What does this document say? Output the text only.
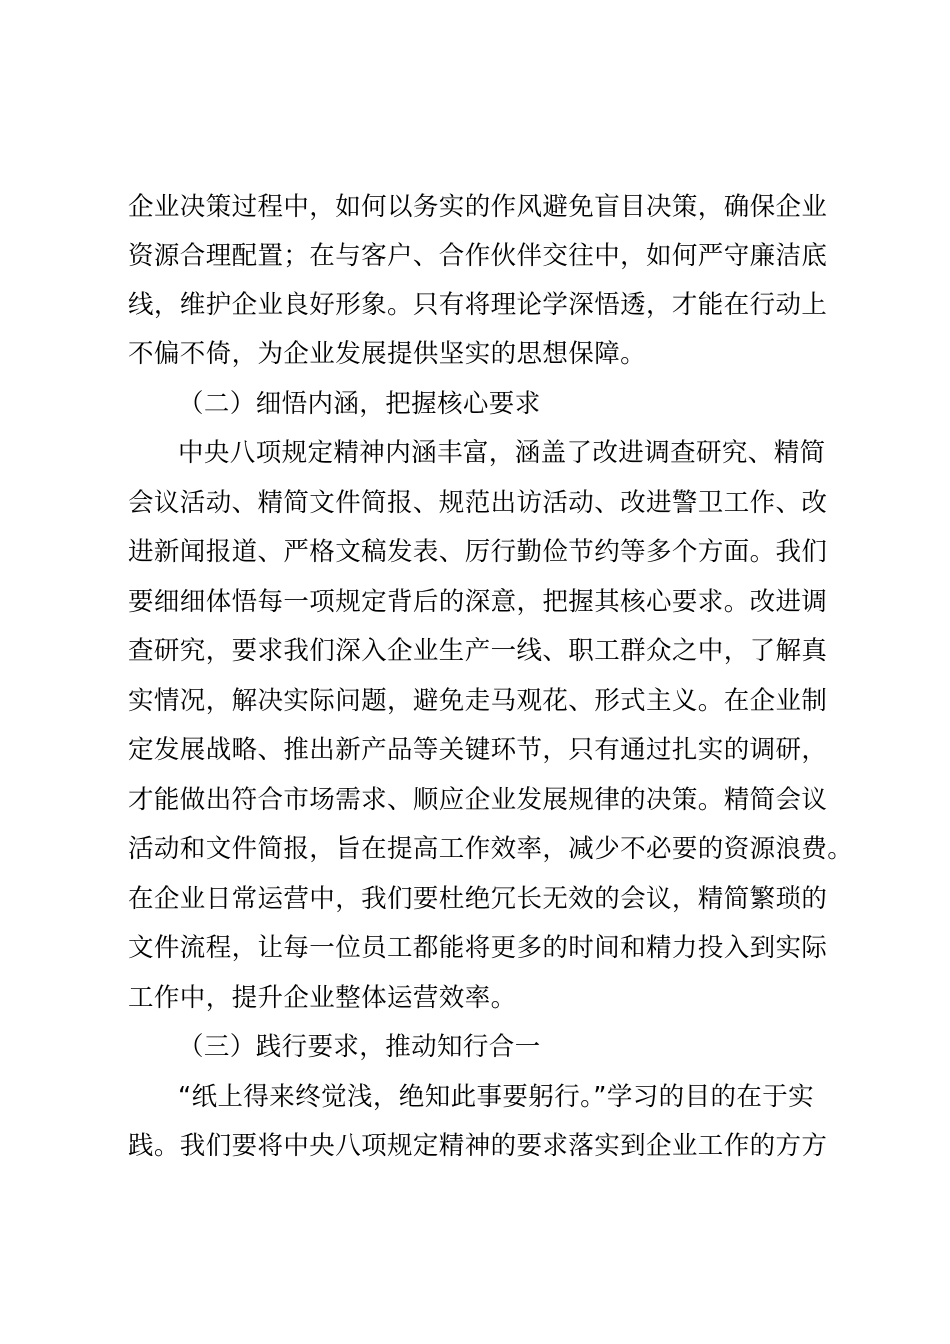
企业决策过程中，如何以务实的作风避免盲目决策，确保企业
资源合理配置；在与客户、合作伙伴交往中，如何严守廉洁底
线，维护企业良好形象。只有将理论学深悟透，才能在行动上
不偏不倚，为企业发展提供坚实的思想保障。
（二）细悟内涵，把握核心要求
中央八项规定精神内涵丰富，涵盖了改进调查研究、精简
会议活动、精简文件简报、规范出访活动、改进警卫工作、改
进新闻报道、严格文稿发表、厉行勤俭节约等多个方面。我们
要细细体悟每一项规定背后的深意，把握其核心要求。改进调
查研究，要求我们深入企业生产一线、职工群众之中，了解真
实情况，解决实际问题，避免走马观花、形式主义。在企业制
定发展战略、推出新产品等关键环节，只有通过扎实的调研，
才能做出符合市场需求、顺应企业发展规律的决策。精简会议
活动和文件简报，旨在提高工作效率，减少不必要的资源浪费。
在企业日常运营中，我们要杜绝冗长无效的会议，精简繁琐的
文件流程，让每一位员工都能将更多的时间和精力投入到实际
工作中，提升企业整体运营效率。
（三）践行要求，推动知行合一
“纸上得来终觉浅，绝知此事要躬行。”学习的目的在于实
践。我们要将中央八项规定精神的要求落实到企业工作的方方
